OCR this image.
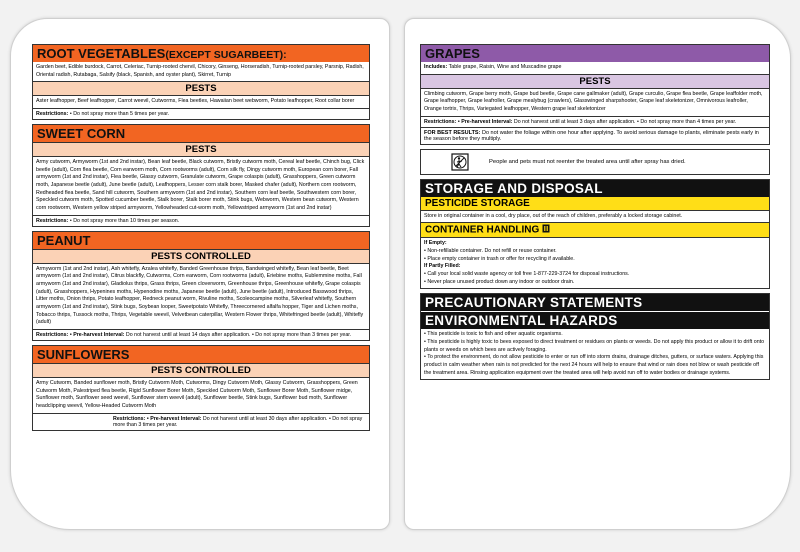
ROOT VEGETABLES(EXCEPT SUGARBEET):
Garden beet, Edible burdock, Carrot, Celeriac, Turnip-rooted chervil, Chicory, Ginseng, Horseradish, Turnip-rooted parsley, Parsnip, Radish, Oriental radish, Rutabaga, Salsify (black, Spanish, and oyster plant), Skirret, Turnip
PESTS
Aster leafhopper, Beef leafhopper, Carrot weevil, Cutworms, Flea beetles, Hawaiian beet webworm, Potato leafhopper, Root collar borer
Restrictions: • Do not spray more than 5 times per year.
SWEET CORN
PESTS
Army cutworm, Armyworm (1st and 2nd instar), Bean leaf beetle, Black cutworm, Bristly cutworm moth, Cereal leaf beetle, Chinch bug, Click beetle (adult), Corn flea beetle, Corn earworm moth, Corn rootworms (adult), Corn silk fly, Dingy cutworm moth, European corn borer, Fall armyworm (1st and 2nd instar), Flea beetle, Glassy cutworm, Granulate cutworm, Grape colaspis (adult), Grasshoppers, Green cutworm moth, Japanese beetle (adult), June beetle (adult), Leafhoppers, Lesser corn stalk borer, Masked chafer (adult), Northern corn rootworm, Redheaded flea beetle, Sand hill cutworm, Southern armyworm (1st and 2nd instar), Southern corn leaf beetle, Southwestern corn borer, Speckled cutworm moth, Spotted cucumber beetle, Stalk borer, Stalk borer moth, Stink bugs, Webworm, Western bean cutworm, Western corn rootworm, Western yellow striped armyworm, Yellowheaded cut-worm moth, Yellowstriped armyworm (1st and 2nd instar)
Restrictions: • Do not spray more than 10 times per season.
PEANUT
PESTS CONTROLLED
Armyworm (1st and 2nd instar), Ash whitefly, Azalea whitefly, Banded Greenhouse thrips, Bandwinged whitefly, Bean leaf beetle, Beet armyworm (1st and 2nd instar), Citrus blackfly, Cutworms, Corn earworm, Corn rootworms (adult), Eriebine moths, Eublemmine moths, Fall armyworm (1st and 2nd instar), Gladiolus thrips, Grass thrips, Green cloverworm, Greenhouse thrips, Greenhouse whitefly, Grape colaspis (adult), Grasshoppers, Hypenines moths, Hypenodine moths, Japanese beetle (adult), June beetle (adult), Introduced Basswood thrips, Litter moths, Onion thrips, Potato leafhopper, Redneck peanut worm, Rivuline moths, Scoleocampine moths, Silverleaf whitefly, Southern armyworm (1st and 2nd instar), Stink bugs, Soybean looper, Sweetpotato Whitefly, Threecornered alfalfa hopper, Tiger and Lichen moths, Tobacco thrips, Tussock moths, Thrips, Vegetable weevil, Velvetbean caterpillar, Western Flower thrips, Whitefringed beetle (adult), Whitefly (adult)
Restrictions: • Pre-harvest Interval: Do not harvest until at least 14 days after application. • Do not spray more than 3 times per year.
SUNFLOWERS
PESTS CONTROLLED
Army Cutworm, Banded sunflower moth, Bristly Cutworm Moth, Cutworms, Dingy Cutworm Moth, Glassy Cutworm, Grasshoppers, Green Cutworm Moth, Palestriped flea beetle, Rigid Sunflower Borer Moth, Speckled Cutworm Moth, Sunflower Borer Moth, Sunflower midge, Sunflower moth, Sunflower seed weevil, Sunflower stem weevil (adult), Sunflower beetle, Stink bugs, Sunflower bud moth, Sunflower headclipping weevil, Yellow-Headed Cutworm Moth
Restrictions: • Pre-harvest Interval: Do not harvest until at least 30 days after application. • Do not spray more than 3 times per year.
GRAPES
Includes: Table grape, Raisin, Wine and Muscadine grape
PESTS
Climbing cutworm, Grape berry moth, Grape bud beetle, Grape cane gallmaker (adult), Grape curculio, Grape flea beetle, Grape leaffolder moth, Grape leafhopper, Grape leafroller, Grape mealybug (crawlers), Glasswinged sharpshooter, Grape leaf skeletonizer, Omnivorous leafroller, Orange tortrix, Thrips, Variegated leafhopper, Western grape leaf skeletonizer
Restrictions: • Pre-harvest Interval: Do not harvest until at least 3 days after application. • Do not spray more than 4 times per year.
FOR BEST RESULTS: Do not water the foliage within one hour after applying. To avoid serious damage to plants, eliminate pests early in the season before they multiply.
People and pets must not reenter the treated area until after spray has dried.
STORAGE AND DISPOSAL
PESTICIDE STORAGE
Store in original container in a cool, dry place, out of the reach of children, preferably a locked storage cabinet.
CONTAINER HANDLING
If Empty:
• Non-refillable container. Do not refill or reuse container.
• Place empty container in trash or offer for recycling if available.
If Partly Filled:
• Call your local solid waste agency or toll free 1-877-229-3724 for disposal instructions.
• Never place unused product down any indoor or outdoor drain.
PRECAUTIONARY STATEMENTS
ENVIRONMENTAL HAZARDS
• This pesticide is toxic to fish and other aquatic organisms.
• This pesticide is highly toxic to bees exposed to direct treatment or residues on plants or weeds. Do not apply this product or allow it to drift onto plants or weeds on which bees are actively foraging.
• To protect the environment, do not allow pesticide to enter or run off into storm drains, drainage ditches, gutters, or surface waters. Applying this product in calm weather when rain is not predicted for the next 24 hours will help to ensure that wind or rain does not blow or wash pesticide off the treatment area. Rinsing application equipment over the treated area will help avoid run off to water bodies or drainage systems.
